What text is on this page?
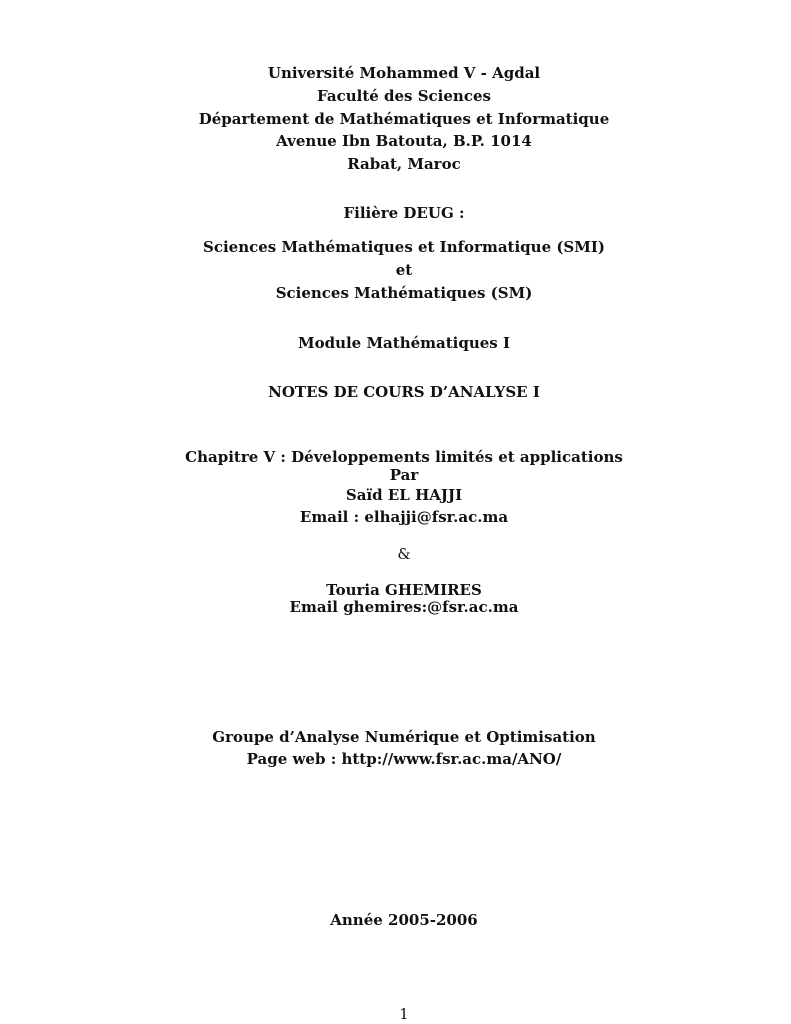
Université Mohammed V - Agdal
Faculté des Sciences
Département de Mathématiques et Informatique
Avenue Ibn Batouta, B.P. 1014
Rabat, Maroc
Filière DEUG :
Sciences Mathématiques et Informatique (SMI)
et
Sciences Mathématiques (SM)
Module Mathématiques I
NOTES DE COURS D’ANALYSE I
Chapitre V : Développements limités et applications
Par
Saïd EL HAJJI
Email : elhajji@fsr.ac.ma
&
Touria GHEMIRES
Email ghemires:@fsr.ac.ma
Groupe d’Analyse Numérique et Optimisation
Page web : http://www.fsr.ac.ma/ANO/
Année 2005-2006
1
